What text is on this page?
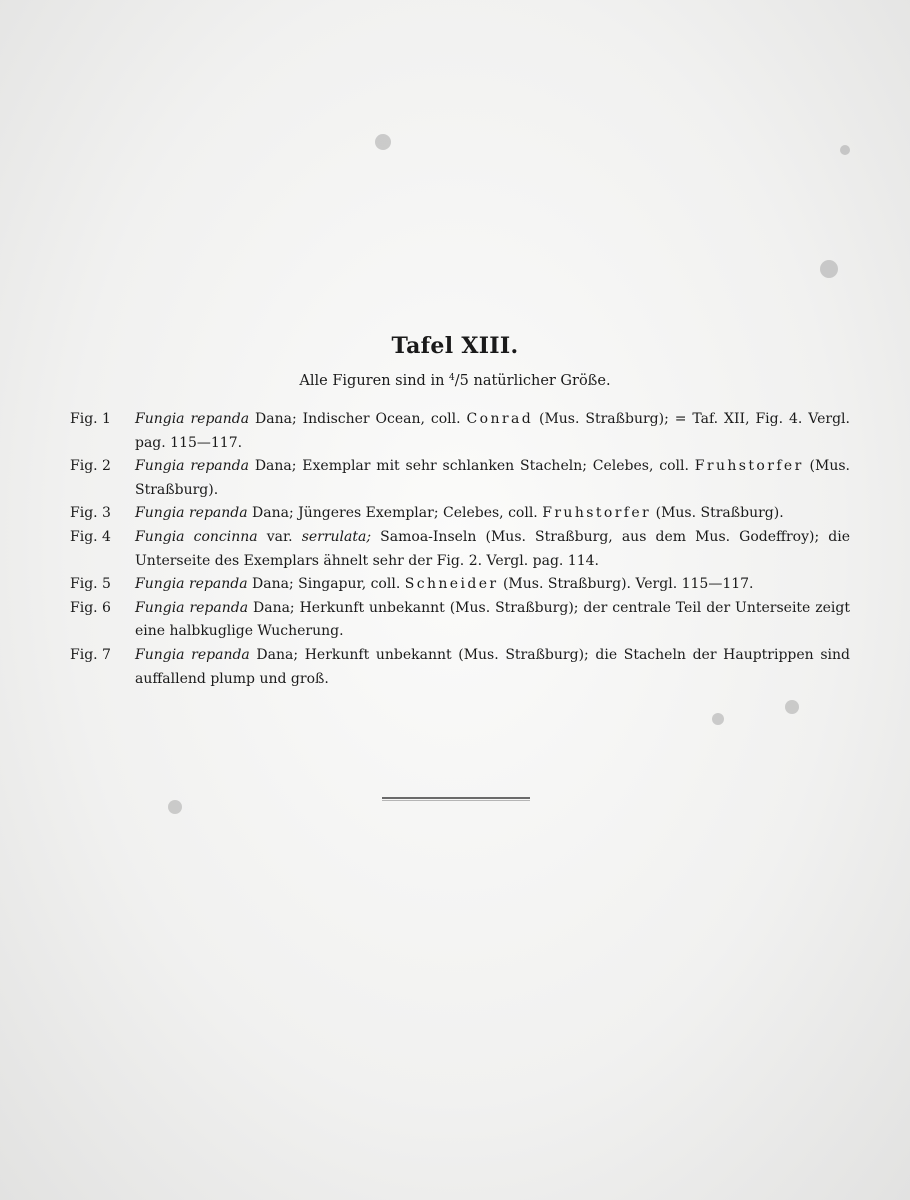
Tafel XIII.
Alle Figuren sind in $^4$/5 natürlicher Größe.
Fig. 1	Fungia repanda Dana; Indischer Ocean, coll. Conrad (Mus. Straßburg); = Taf. XII, Fig. 4. Vergl. pag. 115—117.
Fig. 2	Fungia repanda Dana; Exemplar mit sehr schlanken Stacheln; Celebes, coll. Fruhstorfer (Mus. Straßburg).
Fig. 3	Fungia repanda Dana; Jüngeres Exemplar; Celebes, coll. Fruhstorfer (Mus. Straßburg).
Fig. 4	Fungia concinna var. serrulata; Samoa-Inseln (Mus. Straßburg, aus dem Mus. Godeffroy); die Unterseite des Exemplars ähnelt sehr der Fig. 2. Vergl. pag. 114.
Fig. 5	Fungia repanda Dana; Singapur, coll. Schneider (Mus. Straßburg). Vergl. 115—117.
Fig. 6	Fungia repanda Dana; Herkunft unbekannt (Mus. Straßburg); der centrale Teil der Unterseite zeigt eine halbkuglige Wucherung.
Fig. 7	Fungia repanda Dana; Herkunft unbekannt (Mus. Straßburg); die Stacheln der Hauptrippen sind auffallend plump und groß.
